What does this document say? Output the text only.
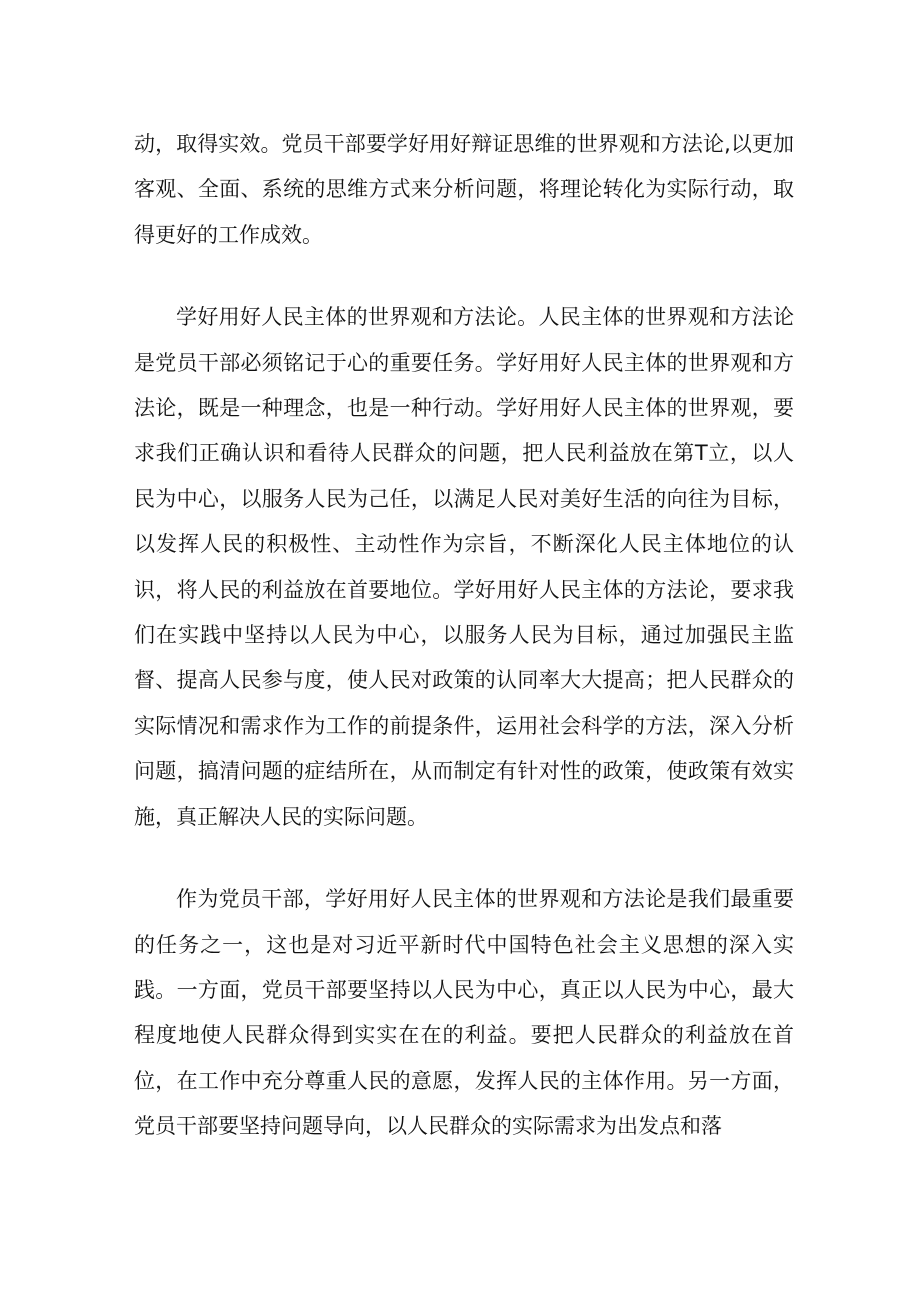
动，取得实效。党员干部要学好用好辩证思维的世界观和方法论,以更加客观、全面、系统的思维方式来分析问题，将理论转化为实际行动，取得更好的工作成效。

学好用好人民主体的世界观和方法论。人民主体的世界观和方法论是党员干部必须铭记于心的重要任务。学好用好人民主体的世界观和方法论，既是一种理念，也是一种行动。学好用好人民主体的世界观，要求我们正确认识和看待人民群众的问题，把人民利益放在第T立，以人民为中心，以服务人民为己任，以满足人民对美好生活的向往为目标，以发挥人民的积极性、主动性作为宗旨，不断深化人民主体地位的认识，将人民的利益放在首要地位。学好用好人民主体的方法论，要求我们在实践中坚持以人民为中心，以服务人民为目标，通过加强民主监督、提高人民参与度，使人民对政策的认同率大大提高；把人民群众的实际情况和需求作为工作的前提条件，运用社会科学的方法，深入分析问题，搞清问题的症结所在，从而制定有针对性的政策，使政策有效实施，真正解决人民的实际问题。

作为党员干部，学好用好人民主体的世界观和方法论是我们最重要的任务之一，这也是对习近平新时代中国特色社会主义思想的深入实践。一方面，党员干部要坚持以人民为中心，真正以人民为中心，最大程度地使人民群众得到实实在在的利益。要把人民群众的利益放在首位，在工作中充分尊重人民的意愿，发挥人民的主体作用。另一方面，党员干部要坚持问题导向，以人民群众的实际需求为出发点和落
